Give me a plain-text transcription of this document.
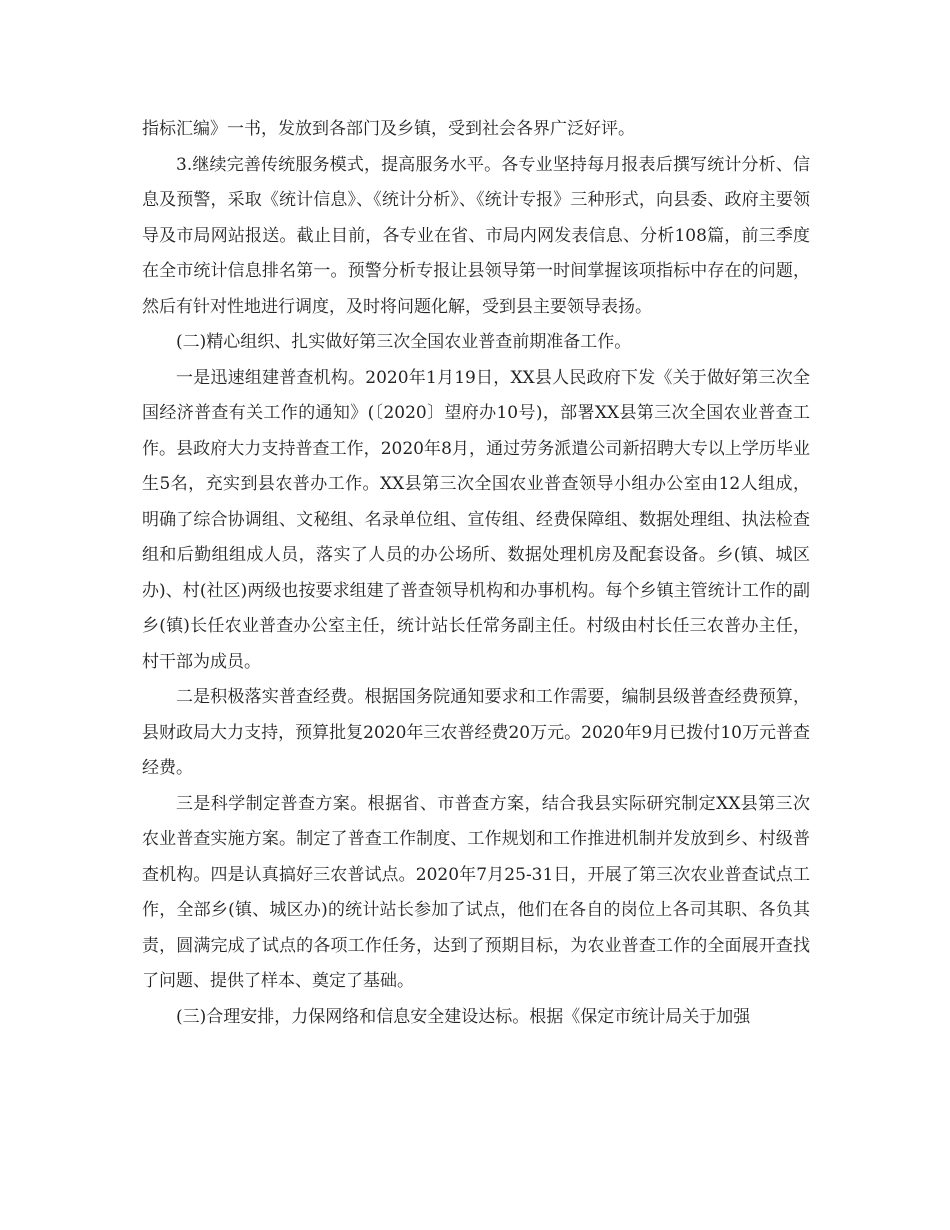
指标汇编》一书，发放到各部门及乡镇，受到社会各界广泛好评。

3.继续完善传统服务模式，提高服务水平。各专业坚持每月报表后撰写统计分析、信息及预警，采取《统计信息》、《统计分析》、《统计专报》三种形式，向县委、政府主要领导及市局网站报送。截止目前，各专业在省、市局内网发表信息、分析108篇，前三季度在全市统计信息排名第一。预警分析专报让县领导第一时间掌握该项指标中存在的问题，然后有针对性地进行调度，及时将问题化解，受到县主要领导表扬。

(二)精心组织、扎实做好第三次全国农业普查前期准备工作。

一是迅速组建普查机构。2020年1月19日，XX县人民政府下发《关于做好第三次全国经济普查有关工作的通知》(〔2020〕望府办10号)，部署XX县第三次全国农业普查工作。县政府大力支持普查工作，2020年8月，通过劳务派遣公司新招聘大专以上学历毕业生5名，充实到县农普办工作。XX县第三次全国农业普查领导小组办公室由12人组成，明确了综合协调组、文秘组、名录单位组、宣传组、经费保障组、数据处理组、执法检查组和后勤组组成人员，落实了人员的办公场所、数据处理机房及配套设备。乡(镇、城区办)、村(社区)两级也按要求组建了普查领导机构和办事机构。每个乡镇主管统计工作的副乡(镇)长任农业普查办公室主任，统计站长任常务副主任。村级由村长任三农普办主任，村干部为成员。

二是积极落实普查经费。根据国务院通知要求和工作需要，编制县级普查经费预算，县财政局大力支持，预算批复2020年三农普经费20万元。2020年9月已拨付10万元普查经费。

三是科学制定普查方案。根据省、市普查方案，结合我县实际研究制定XX县第三次农业普查实施方案。制定了普查工作制度、工作规划和工作推进机制并发放到乡、村级普查机构。四是认真搞好三农普试点。2020年7月25-31日，开展了第三次农业普查试点工作，全部乡(镇、城区办)的统计站长参加了试点，他们在各自的岗位上各司其职、各负其责，圆满完成了试点的各项工作任务，达到了预期目标，为农业普查工作的全面展开查找了问题、提供了样本、奠定了基础。

(三)合理安排，力保网络和信息安全建设达标。根据《保定市统计局关于加强
